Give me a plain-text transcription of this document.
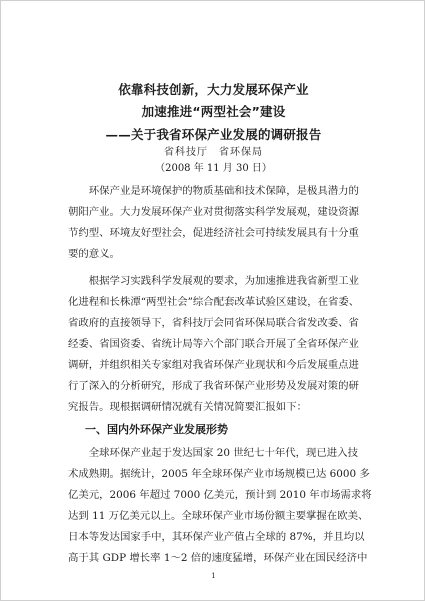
依靠科技创新，大力发展环保产业
加速推进“两型社会”建设
——关于我省环保产业发展的调研报告
省科技厅　省环保局
（2008 年 11 月 30 日）
　　环保产业是环境保护的物质基础和技术保障，是极具潜力的
朝阳产业。大力发展环保产业对贯彻落实科学发展观，建设资源
节约型、环境友好型社会，促进经济社会可持续发展具有十分重
要的意义。
　　根据学习实践科学发展观的要求，为加速推进我省新型工业
化进程和长株潭“两型社会”综合配套改革试验区建设，在省委、
省政府的直接领导下，省科技厅会同省环保局联合省发改委、省
经委、省国资委、省统计局等六个部门联合开展了全省环保产业
调研，并组织相关专家组对我省环保产业现状和今后发展重点进
行了深入的分析研究，形成了我省环保产业形势及发展对策的研
究报告。现根据调研情况就有关情况简要汇报如下：
一、国内外环保产业发展形势
　　全球环保产业起于发达国家 20 世纪七十年代，现已进入技
术成熟期。据统计，2005 年全球环保产业市场规模已达 6000 多
亿美元，2006 年超过 7000 亿美元，预计到 2010 年市场需求将
达到 11 万亿美元以上。全球环保产业市场份额主要掌握在欧美、
日本等发达国家手中，其环保产业产值占全球的 87%，并且均以
高于其 GDP 增长率 1～2 倍的速度猛增，环保产业在国民经济中
1
